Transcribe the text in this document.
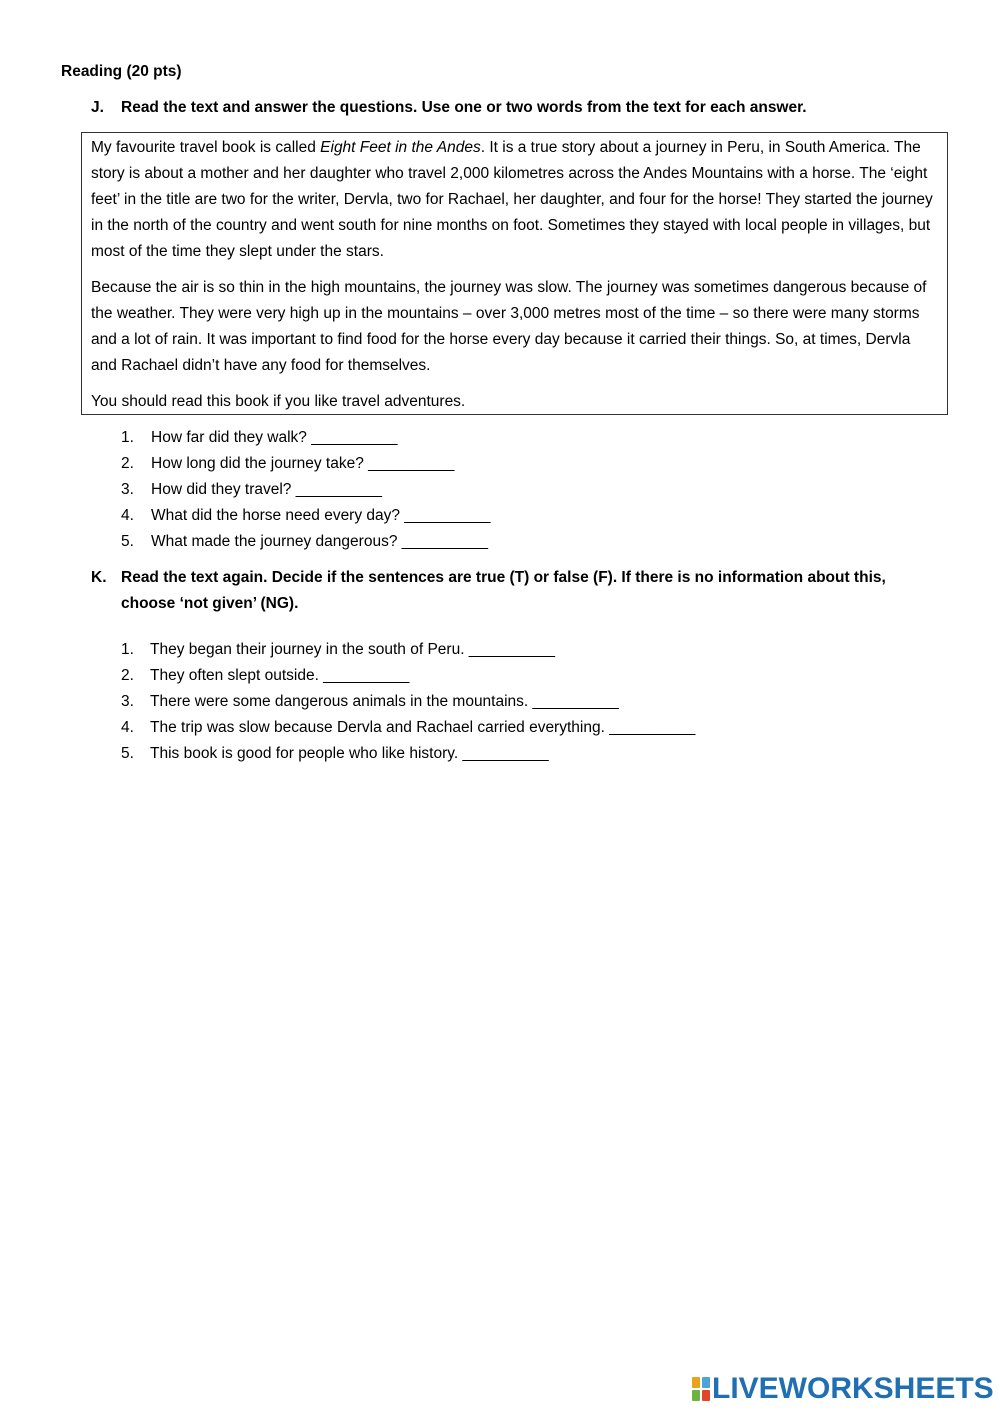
Reading (20 pts)
J. Read the text and answer the questions. Use one or two words from the text for each answer.

My favourite travel book is called Eight Feet in the Andes. It is a true story about a journey in Peru, in South America. The story is about a mother and her daughter who travel 2,000 kilometres across the Andes Mountains with a horse. The ‘eight feet’ in the title are two for the writer, Dervla, two for Rachael, her daughter, and four for the horse! They started the journey in the north of the country and went south for nine months on foot. Sometimes they stayed with local people in villages, but most of the time they slept under the stars.

Because the air is so thin in the high mountains, the journey was slow. The journey was sometimes dangerous because of the weather. They were very high up in the mountains – over 3,000 metres most of the time – so there were many storms and a lot of rain. It was important to find food for the horse every day because it carried their things. So, at times, Dervla and Rachael didn’t have any food for themselves.

You should read this book if you like travel adventures.

1. How far did they walk? __________
2. How long did the journey take? __________
3. How did they travel? __________
4. What did the horse need every day? __________
5. What made the journey dangerous? __________
K. Read the text again. Decide if the sentences are true (T) or false (F). If there is no information about this, choose ‘not given’ (NG).
1. They began their journey in the south of Peru. __________
2. They often slept outside. __________
3. There were some dangerous animals in the mountains. __________
4. The trip was slow because Dervla and Rachael carried everything. __________
5. This book is good for people who like history. __________
LIVEWORKSHEETS
